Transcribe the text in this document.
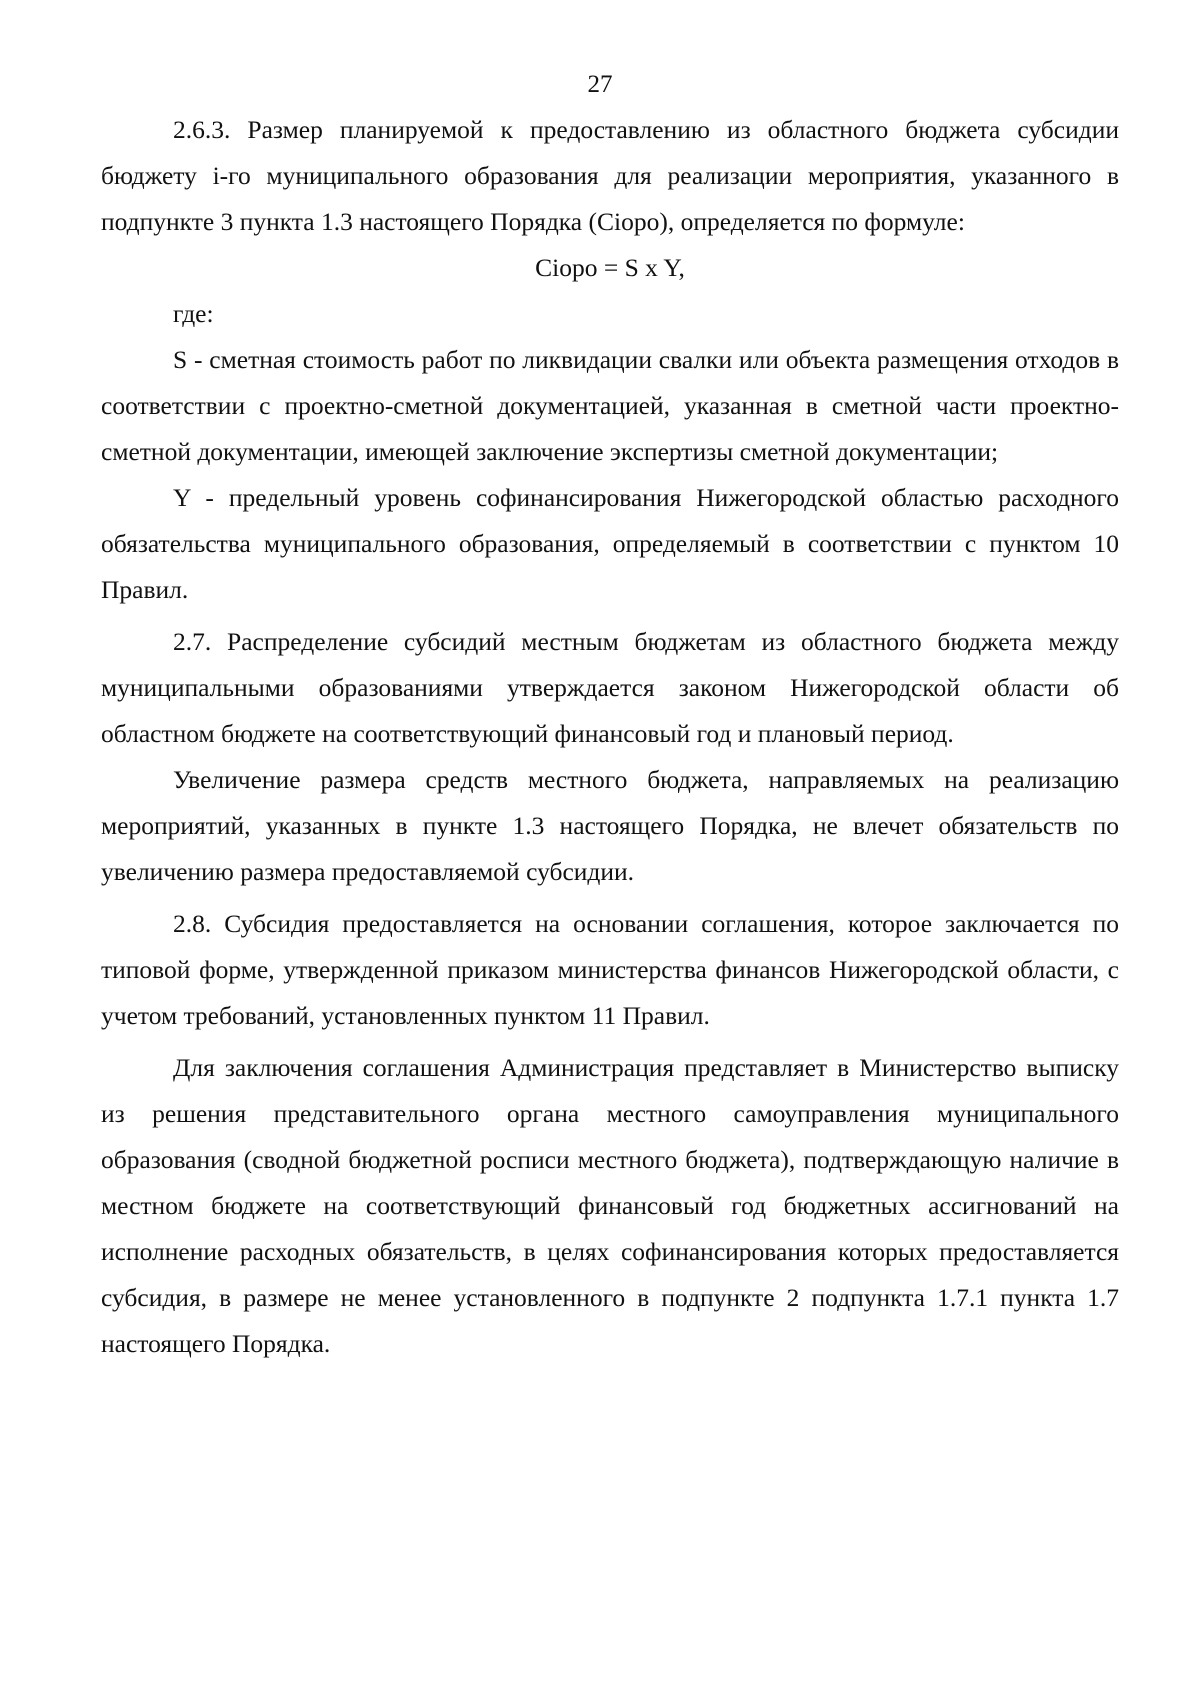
27

2.6.3. Размер планируемой к предоставлению из областного бюджета субсидии бюджету i-го муниципального образования для реализации мероприятия, указанного в подпункте 3 пункта 1.3 настоящего Порядка (Ciоро), определяется по формуле:

Ciоро = S x Y,

где:

S - сметная стоимость работ по ликвидации свалки или объекта размещения отходов в соответствии с проектно-сметной документацией, указанная в сметной части проектно-сметной документации, имеющей заключение экспертизы сметной документации;

Y - предельный уровень софинансирования Нижегородской областью расходного обязательства муниципального образования, определяемый в соответствии с пунктом 10 Правил.

2.7. Распределение субсидий местным бюджетам из областного бюджета между муниципальными образованиями утверждается законом Нижегородской области об областном бюджете на соответствующий финансовый год и плановый период.

Увеличение размера средств местного бюджета, направляемых на реализацию мероприятий, указанных в пункте 1.3 настоящего Порядка, не влечет обязательств по увеличению размера предоставляемой субсидии.

2.8. Субсидия предоставляется на основании соглашения, которое заключается по типовой форме, утвержденной приказом министерства финансов Нижегородской области, с учетом требований, установленных пунктом 11 Правил.

Для заключения соглашения Администрация представляет в Министерство выписку из решения представительного органа местного самоуправления муниципального образования (сводной бюджетной росписи местного бюджета), подтверждающую наличие в местном бюджете на соответствующий финансовый год бюджетных ассигнований на исполнение расходных обязательств, в целях софинансирования которых предоставляется субсидия, в размере не менее установленного в подпункте 2 подпункта 1.7.1 пункта 1.7 настоящего Порядка.
